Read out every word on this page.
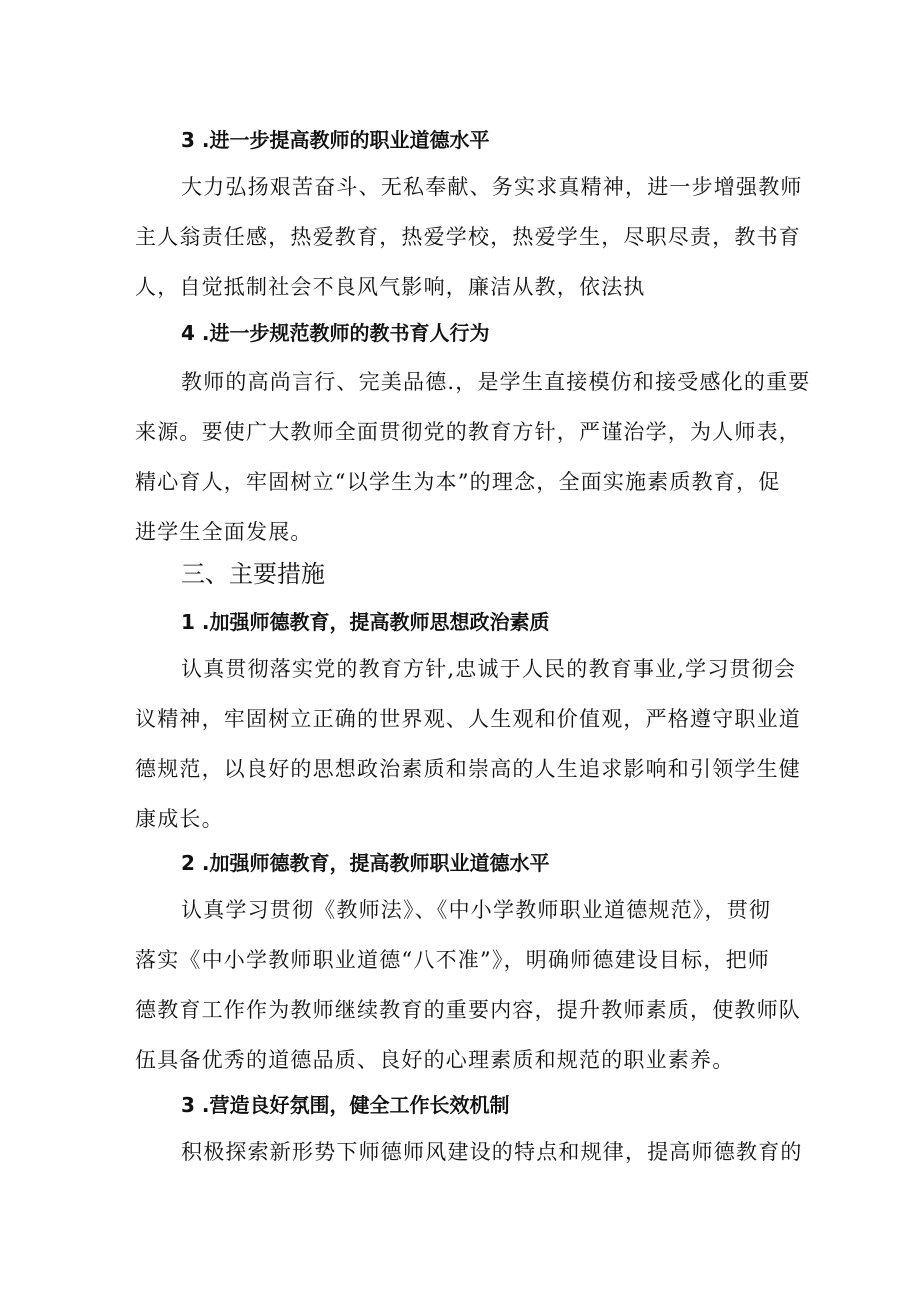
3 .进一步提高教师的职业道德水平
大力弘扬艰苦奋斗、无私奉献、务实求真精神，进一步增强教师
主人翁责任感，热爱教育，热爱学校，热爱学生，尽职尽责，教书育
人，自觉抵制社会不良风气影响，廉洁从教，依法执
4 .进一步规范教师的教书育人行为
教师的高尚言行、完美品德.，是学生直接模仿和接受感化的重要
来源。要使广大教师全面贯彻党的教育方针，严谨治学，为人师表，
精心育人，牢固树立“以学生为本”的理念，全面实施素质教育，促
进学生全面发展。
三、主要措施
1 .加强师德教育，提高教师思想政治素质
认真贯彻落实党的教育方针,忠诚于人民的教育事业,学习贯彻会
议精神，牢固树立正确的世界观、人生观和价值观，严格遵守职业道
德规范，以良好的思想政治素质和崇高的人生追求影响和引领学生健
康成长。
2 .加强师德教育，提高教师职业道德水平
认真学习贯彻《教师法》、《中小学教师职业道德规范》，贯彻
落实《中小学教师职业道德“八不准”》，明确师德建设目标，把师
德教育工作作为教师继续教育的重要内容，提升教师素质，使教师队
伍具备优秀的道德品质、良好的心理素质和规范的职业素养。
3 .营造良好氛围，健全工作长效机制
积极探索新形势下师德师风建设的特点和规律，提高师德教育的
